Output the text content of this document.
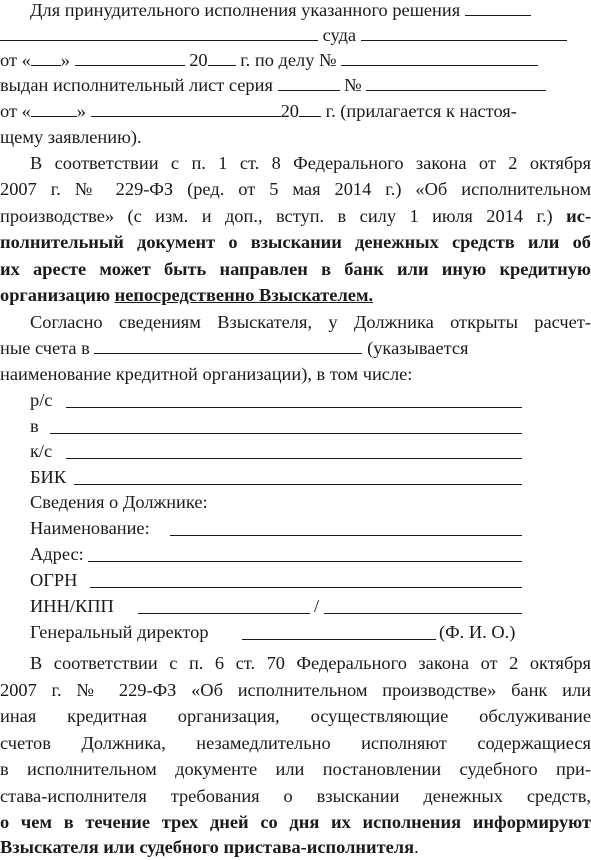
Для принудительного исполнения указанного решения
суда
от « »	20 г. по делу №
выдан исполнительный лист серия	№
от «	»	20 г. (прилагается к настоя-
щему заявлению).
В соответствии с п. 1 ст. 8 Федерального закона от 2 октября
2007 г. № 229-ФЗ (ред. от 5 мая 2014 г.) «Об исполнительном
производстве» (с изм. и доп., вступ. в силу 1 июля 2014 г.) ис-
полнительный документ о взыскании денежных средств или об
их аресте может быть направлен в банк или иную кредитную
организацию непосредственно Взыскателем.
Согласно сведениям Взыскателя, у Должника открыты расчет-
ные счета в	(указывается
наименование кредитной организации), в том числе:
р/с
в
к/с
БИК
Сведения о Должнике:
Наименование:
Адрес:
ОГРН
ИНН/КПП	/
Генеральный директор	(Ф. И. О.)
В соответствии с п. 6 ст. 70 Федерального закона от 2 октября
2007 г. № 229-ФЗ «Об исполнительном производстве» банк или
иная кредитная организация, осуществляющие обслуживание
счетов Должника, незамедлительно исполняют содержащиеся
в исполнительном документе или постановлении судебного при-
става-исполнителя требования о взыскании денежных средств,
о чем в течение трех дней со дня их исполнения информируют
Взыскателя или судебного пристава-исполнителя.
